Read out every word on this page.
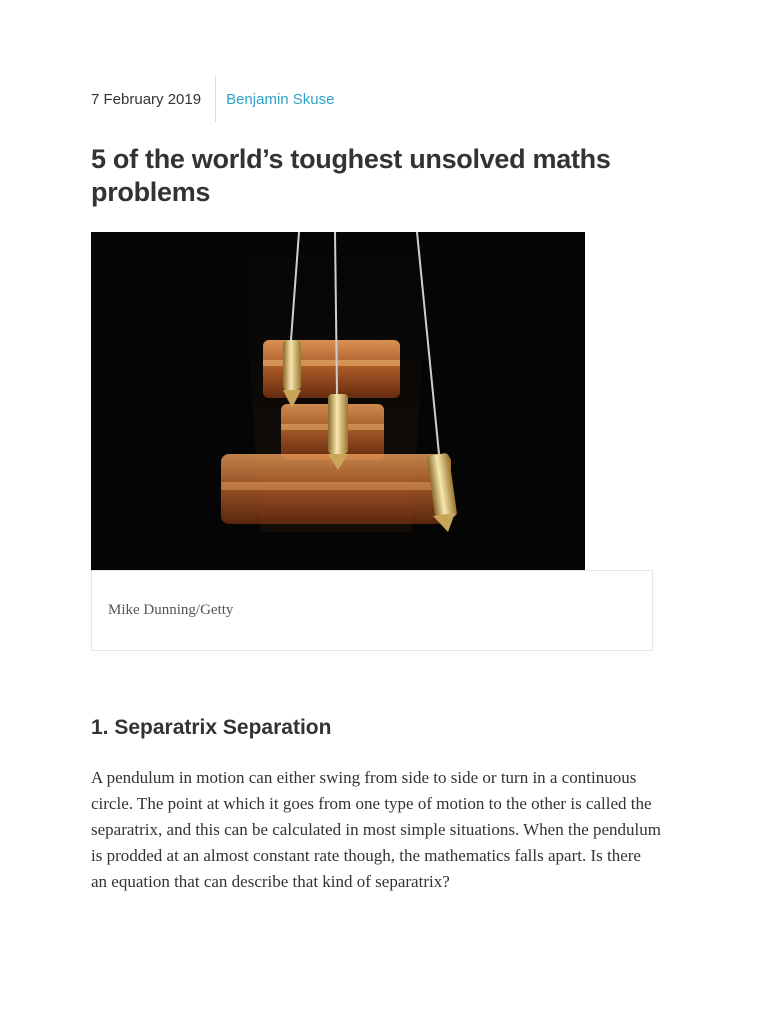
7 February 2019	Benjamin Skuse
5 of the world’s toughest unsolved maths problems
Mike Dunning/Getty
1. Separatrix Separation

A pendulum in motion can either swing from side to side or turn in a continuous circle. The point at which it goes from one type of motion to the other is called the separatrix, and this can be calculated in most simple situations. When the pendulum is prodded at an almost constant rate though, the mathematics falls apart. Is there an equation that can describe that kind of separatrix?
